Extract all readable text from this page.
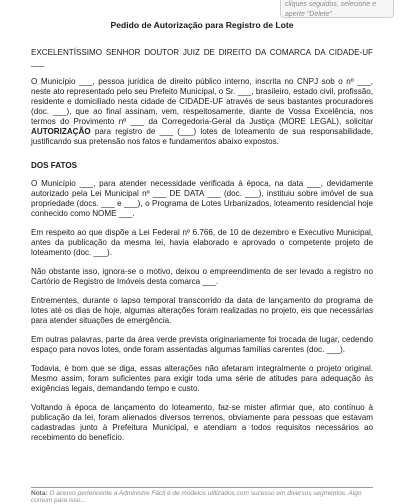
cliques seguidos, selecione e
aperte "Delete"
Pedido de Autorização para Registro de Lote

EXCELENTÍSSIMO SENHOR DOUTOR JUIZ DE DIREITO DA COMARCA DA CIDADE-UF ___

O Município ___, pessoa jurídica de direito público interno, inscrita no CNPJ sob o nº ___, neste ato representado pelo seu Prefeito Municipal, o Sr. ___, brasileiro, estado civil, profissão, residente e domiciliado nesta cidade de CIDADE-UF através de seus bastantes procuradores (doc. ___), que ao final assinam, vem, respeitosamente, diante de Vossa Excelência, nos termos do Provimento nº ___ da Corregedoria-Geral da Justiça (MORE LEGAL), solicitar AUTORIZAÇÃO para registro de ___ (___) lotes de loteamento de sua responsabilidade, justificando sua pretensão nos fatos e fundamentos abaixo expostos.

DOS FATOS

O Município ___, para atender necessidade verificada à época, na data ___, devidamente autorizado pela Lei Municipal nº ___ DE DATA ___ (doc. ___), instituiu sobre imóvel de sua propriedade (docs. ___ e ___), o Programa de Lotes Urbanizados, loteamento residencial hoje conhecido como NOME ___.

Em respeito ao que dispõe a Lei Federal nº 6.766, de 10 de dezembro e Executivo Municipal, antes da publicação da mesma lei, havia elaborado e aprovado o competente projeto de loteamento (doc. ___).

Não obstante isso, ignora-se o motivo, deixou o empreendimento de ser levado a registro no Cartório de Registro de Imóveis desta comarca ___.

Entrementes, durante o lapso temporal transcorrido da data de lançamento do programa de lotes até os dias de hoje, algumas alterações foram realizadas no projeto, eis que necessárias para atender situações de emergência.

Em outras palavras, parte da área verde prevista originariamente foi trocada de lugar, cedendo espaço para novos lotes, onde foram assentadas algumas famílias carentes (doc. ___).

Todavia, é bom que se diga, essas alterações não afetaram integralmente o projeto original. Mesmo assim, foram suficientes para exigir toda uma série de atitudes para adequação às exigências legais, demandando tempo e custo.

Voltando à época de lançamento do loteamento, faz-se mister afirmar que, ato contínuo à publicação da lei, foram alienados diversos terrenos, obviamente para pessoas que estavam cadastradas junto à Prefeitura Municipal, e atendiam a todos requisitos necessários ao recebimento do benefício.

Nota: O acervo pertencente a Administre Fácil é de modelos utilizados com sucesso em diversos segmentos. Algo comum para isso...
